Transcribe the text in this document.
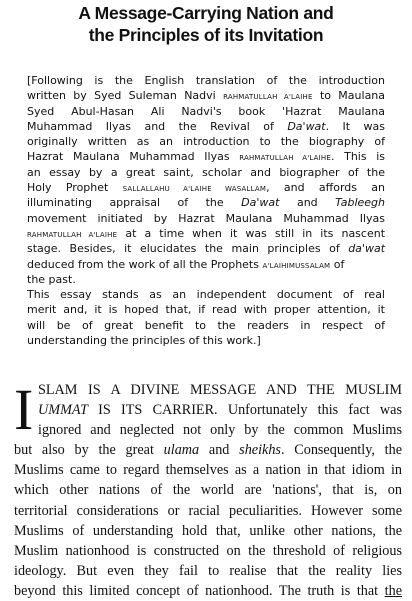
A Message-Carrying Nation and
the Principles of its Invitation
[Following is the English translation of the introduction
written by Syed Suleman Nadvi RAHMATULLAH A'LAIHE to Maulana
Syed Abul-Hasan Ali Nadvi's book 'Hazrat Maulana
Muhammad Ilyas and the Revival of Da'wat. It was
originally written as an introduction to the biography of
Hazrat Maulana Muhammad Ilyas RAHMATULLAH A'LAIHE. This is
an essay by a great saint, scholar and biographer of the
Holy Prophet SALLALLAHU A'LAIHE WASALLAM, and affords an
illuminating appraisal of the Da'wat and Tableegh
movement initiated by Hazrat Maulana Muhammad Ilyas
RAHMATULLAH A'LAIHE at a time when it was still in its nascent
stage. Besides, it elucidates the main principles of da'wat
deduced from the work of all the Prophets A'LAIHIMUSSALAM of
the past.
This essay stands as an independent document of real
merit and, it is hoped that, if read with proper attention, it
will be of great benefit to the readers in respect of
understanding the principles of this work.]
I SLAM IS A DIVINE MESSAGE AND THE MUSLIM
UMMAT IS ITS CARRIER. Unfortunately this fact was
ignored and neglected not only by the common Muslims
but also by the great ulama and sheikhs. Consequently, the
Muslims came to regard themselves as a nation in that idiom in
which other nations of the world are 'nations', that is, on
territorial considerations or racial peculiarities. However some
Muslims of understanding hold that, unlike other nations, the
Muslim nationhood is constructed on the threshold of religious
ideology. But even they fail to realise that the reality lies
beyond this limited concept of nationhood. The truth is that the
